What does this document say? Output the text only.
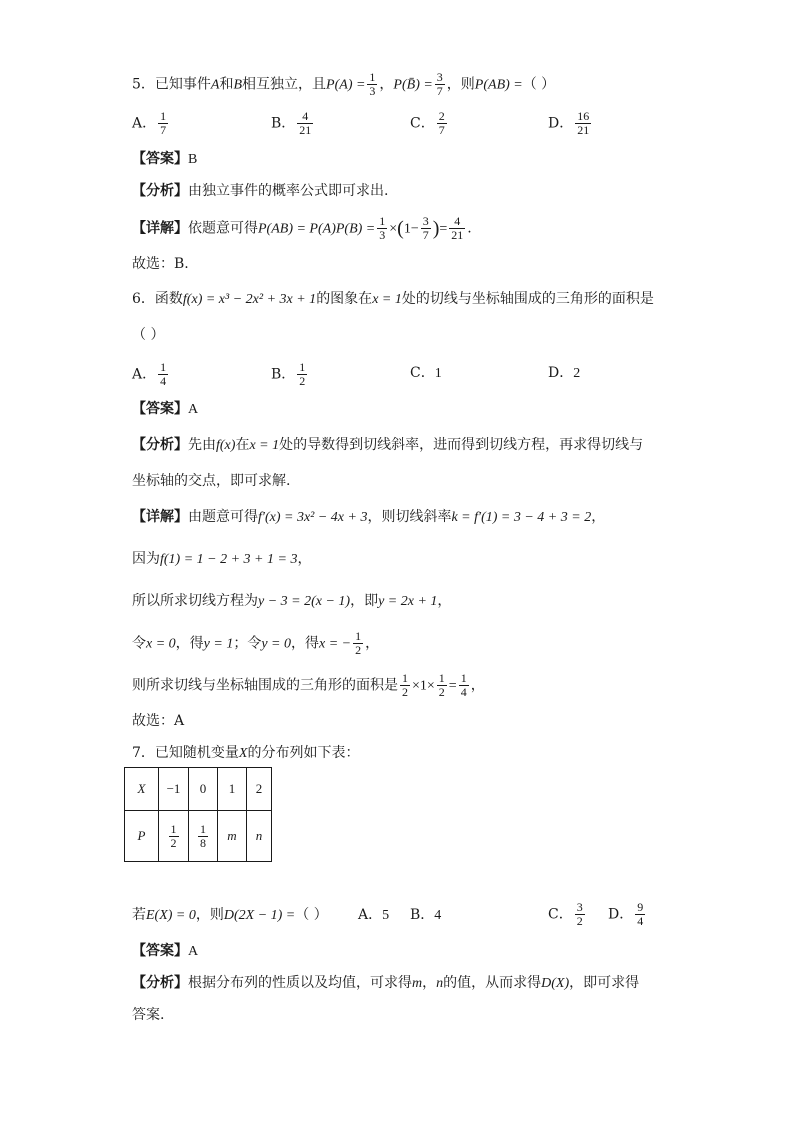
5．已知事件A和B相互独立，且$P(A) = \frac{1}{3}$ ，P(B̄) = $\frac{3}{7}$ ，则P(AB) =（ ）
A． $\frac{1}{7}$	B． $\frac{4}{21}$	C． $\frac{2}{7}$	D． $\frac{16}{21}$
【答案】B
【分析】由独立事件的概率公式即可求出.
【详解】依题意可得$P(AB) = P(A)P(B) = \frac{1}{3} \times(1- \frac{3}{7}$ )= $\frac{4}{21}$ .
故选：B.
6．函数f(x) = x³ − 2x² + 3x + 1的图象在x = 1处的切线与坐标轴围成的三角形的面积是
（ ）
A． $\frac{1}{4}$	B． $\frac{1}{2}$	C．1	D．2
【答案】A
【分析】先由f(x)在x = 1处的导数得到切线斜率，进而得到切线方程，再求得切线与
坐标轴的交点，即可求解.
【详解】由题意可得f′(x) = 3x² − 4x + 3，则切线斜率k = f′(1) = 3 − 4 + 3 = 2，
因为f(1) = 1 − 2 + 3 + 1 = 3，
所以所求切线方程为y − 3 = 2(x − 1)，即y = 2x + 1，
令x = 0，得y = 1；令y = 0，得x = − $\frac{1}{2}$ ，
则所求切线与坐标轴围成的三角形的面积是 $\frac{1}{2} \times 1\times \frac{1}{2} = \frac{1}{4}$ ，
故选：A
7．已知随机变量X的分布列如下表：
X	−1	0	1	2
P	$\frac{1}{2}$	$\frac{1}{8}$	m	n
若E(X) = 0，则D(2X − 1) =（ ） A．5 B．4	C． $\frac{3}{2}$ D． $\frac{9}{4}$
【答案】A
【分析】根据分布列的性质以及均值，可求得m，n的值，从而求得D(X)，即可求得
答案.
